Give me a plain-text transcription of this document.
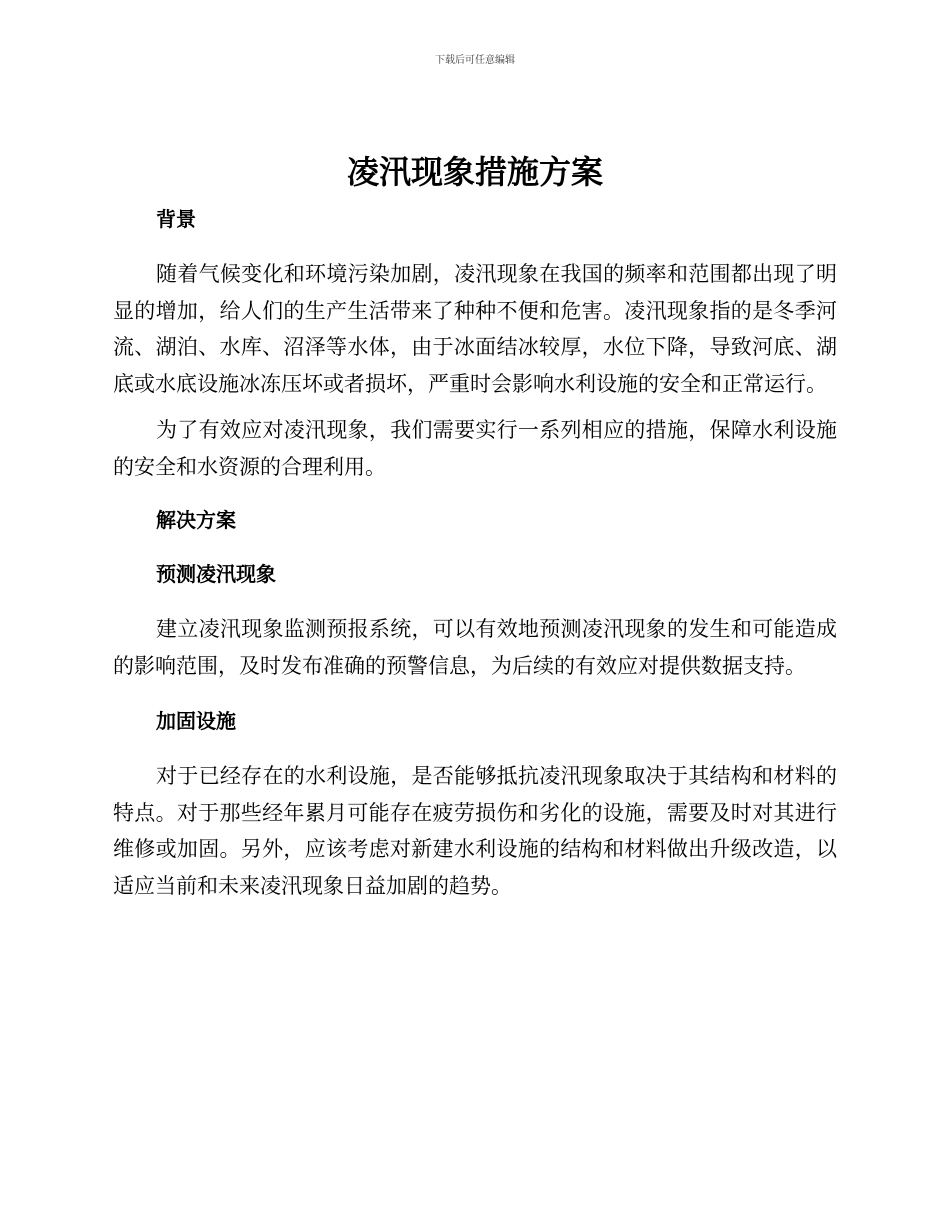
下载后可任意编辑
凌汛现象措施方案
背景

随着气候变化和环境污染加剧，凌汛现象在我国的频率和范围都出现了明显的增加，给人们的生产生活带来了种种不便和危害。凌汛现象指的是冬季河流、湖泊、水库、沼泽等水体，由于冰面结冰较厚，水位下降，导致河底、湖底或水底设施冰冻压坏或者损坏，严重时会影响水利设施的安全和正常运行。

为了有效应对凌汛现象，我们需要实行一系列相应的措施，保障水利设施的安全和水资源的合理利用。

解决方案
预测凌汛现象

建立凌汛现象监测预报系统，可以有效地预测凌汛现象的发生和可能造成的影响范围，及时发布准确的预警信息，为后续的有效应对提供数据支持。

加固设施

对于已经存在的水利设施，是否能够抵抗凌汛现象取决于其结构和材料的特点。对于那些经年累月可能存在疲劳损伤和劣化的设施，需要及时对其进行维修或加固。另外，应该考虑对新建水利设施的结构和材料做出升级改造，以适应当前和未来凌汛现象日益加剧的趋势。
